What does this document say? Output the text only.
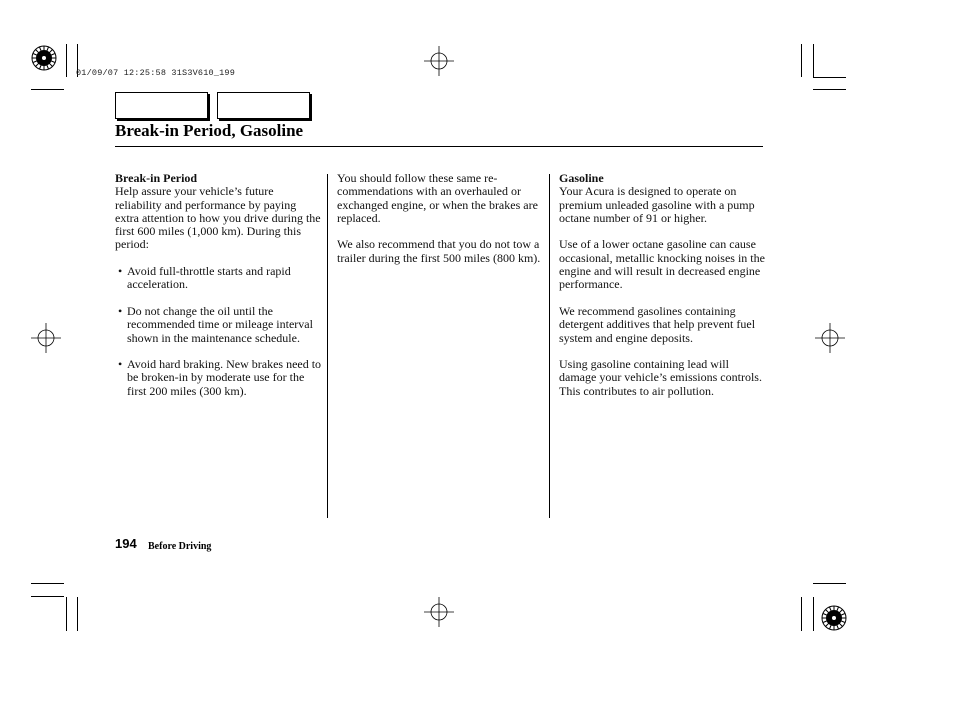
01/09/07 12:25:58 31S3V610_199
Break-in Period, Gasoline
Break-in Period

Help assure your vehicle’s future reliability and performance by paying extra attention to how you drive during the first 600 miles (1,000 km). During this period:

• Avoid full-throttle starts and rapid acceleration.
• Do not change the oil until the recommended time or mileage interval shown in the maintenance schedule.
• Avoid hard braking. New brakes need to be broken-in by moderate use for the first 200 miles (300 km).

You should follow these same re-commendations with an overhauled or exchanged engine, or when the brakes are replaced.

We also recommend that you do not tow a trailer during the first 500 miles (800 km).

Gasoline

Your Acura is designed to operate on premium unleaded gasoline with a pump octane number of 91 or higher.

Use of a lower octane gasoline can cause occasional, metallic knocking noises in the engine and will result in decreased engine performance.

We recommend gasolines containing detergent additives that help prevent fuel system and engine deposits.

Using gasoline containing lead will damage your vehicle’s emissions controls. This contributes to air pollution.

194 Before Driving
